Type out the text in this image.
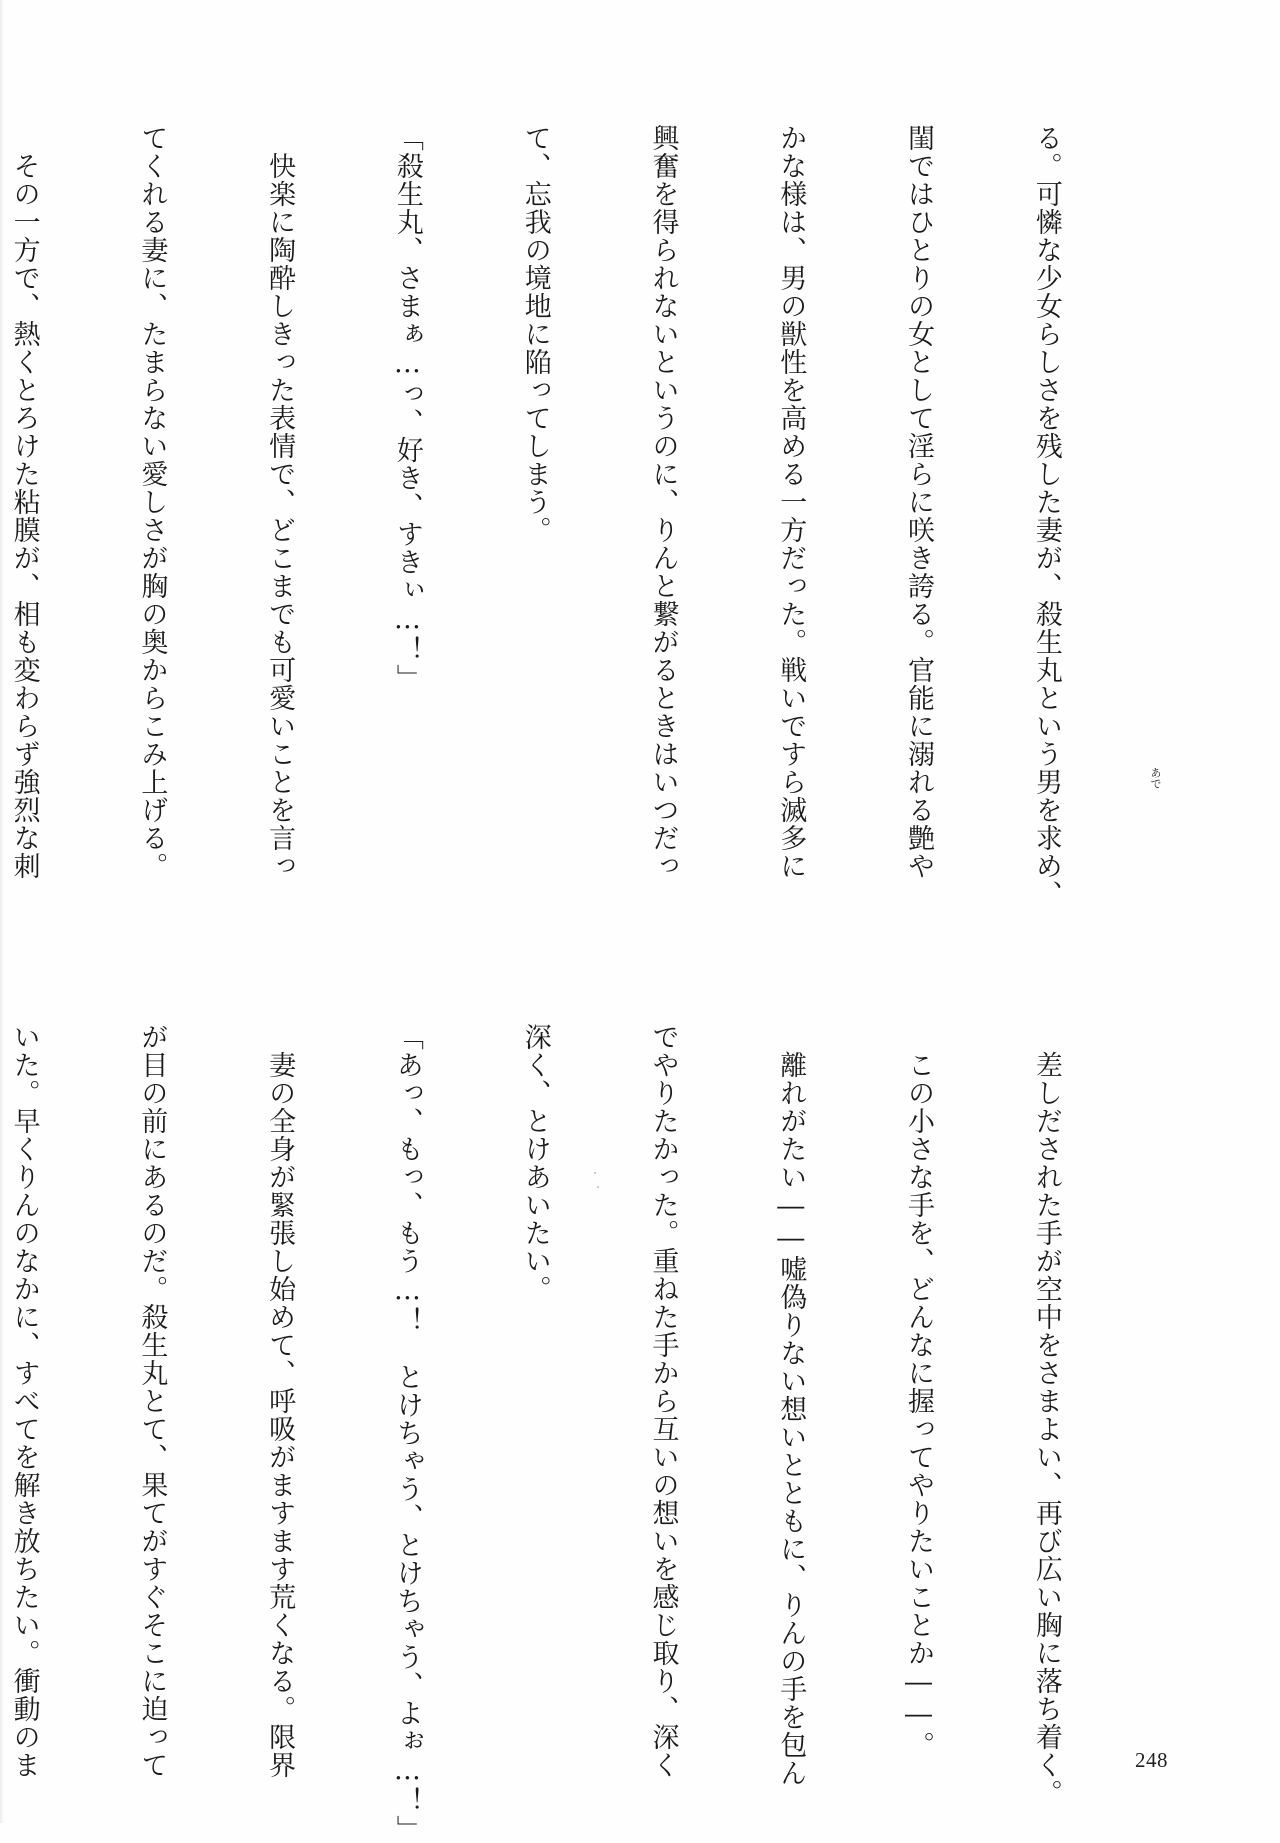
る。可憐な少女らしさを残した妻が、殺生丸という男を求め、

閨ではひとりの女として淫らに咲き誇る。官能に溺れる艶や

かな様は、男の獣性を高める一方だった。戦いですら滅多に

興奮を得られないというのに、りんと繋がるときはいつだっ

て、忘我の境地に陥ってしまう。

「殺生丸、さまぁ…っ、好き、すきぃ…！」

　快楽に陶酔しきった表情で、どこまでも可愛いことを言っ

てくれる妻に、たまらない愛しさが胸の奥からこみ上げる。

　その一方で、熱くとろけた粘膜が、相も変わらず強烈な刺

	あで

　差しだされた手が空中をさまよい、再び広い胸に落ち着く。

　この小さな手を、どんなに握ってやりたいことか――。

　離れがたい――嘘偽りない想いとともに、りんの手を包ん

でやりたかった。重ねた手から互いの想いを感じ取り、深く

深く、とけあいたい。

「あっ、もっ、もう…！　とけちゃう、とけちゃう、よぉ…！」

　妻の全身が緊張し始めて、呼吸がますます荒くなる。限界

が目の前にあるのだ。殺生丸とて、果てがすぐそこに迫って

いた。早くりんのなかに、すべてを解き放ちたい。衝動のま

	248
